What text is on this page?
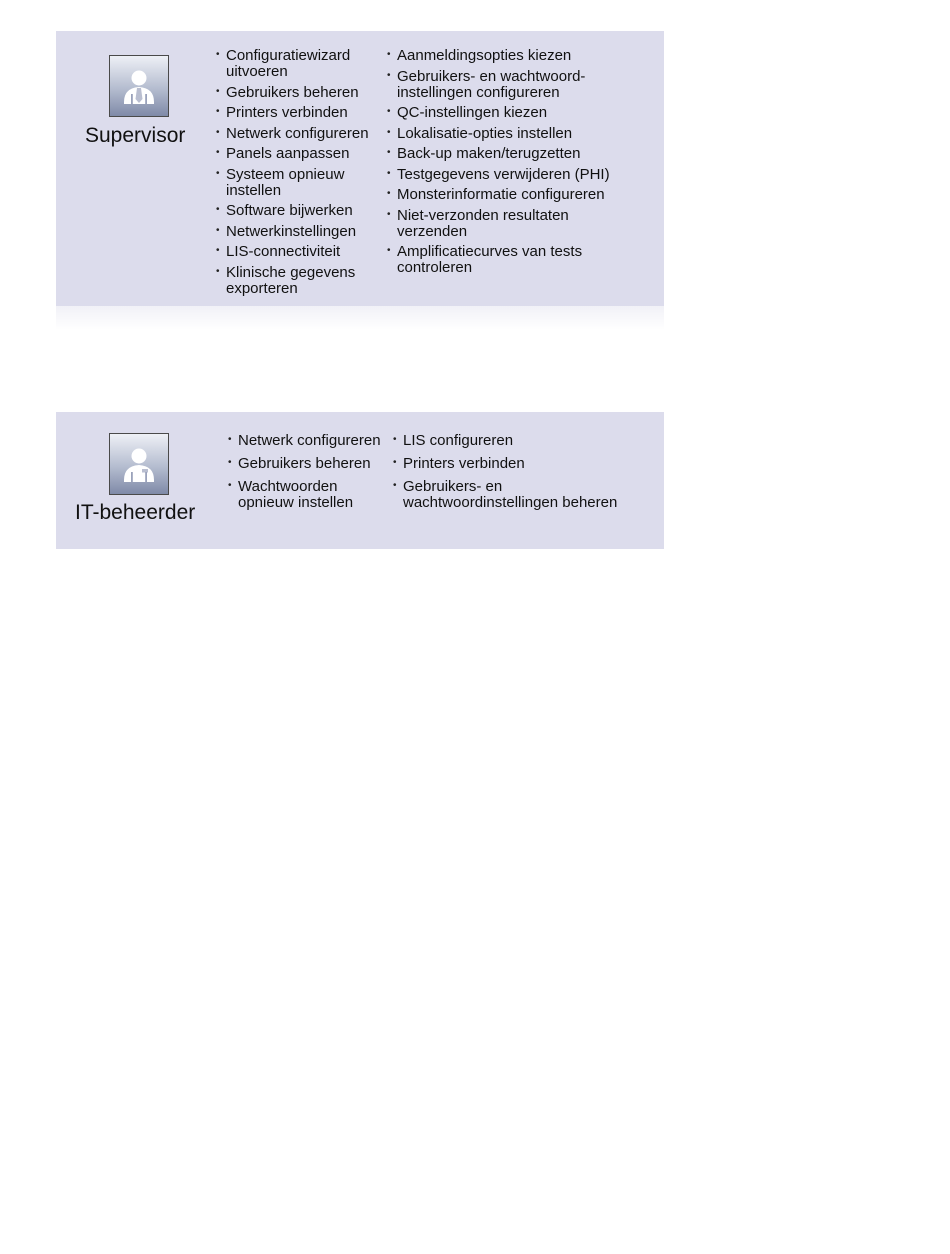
Supervisor
• Configuratiewizard uitvoeren
• Gebruikers beheren
• Printers verbinden
• Netwerk configureren
• Panels aanpassen
• Systeem opnieuw instellen
• Software bijwerken
• Netwerkinstellingen
• LIS-connectiviteit
• Klinische gegevens exporteren
• Aanmeldingsopties kiezen
• Gebruikers- en wachtwoord-instellingen configureren
• QC-instellingen kiezen
• Lokalisatie-opties instellen
• Back-up maken/terugzetten
• Testgegevens verwijderen (PHI)
• Monsterinformatie configureren
• Niet-verzonden resultaten verzenden
• Amplificatiecurves van tests controleren
IT-beheerder
• Netwerk configureren
• Gebruikers beheren
• Wachtwoorden opnieuw instellen
• LIS configureren
• Printers verbinden
• Gebruikers- en wachtwoordinstellingen beheren
